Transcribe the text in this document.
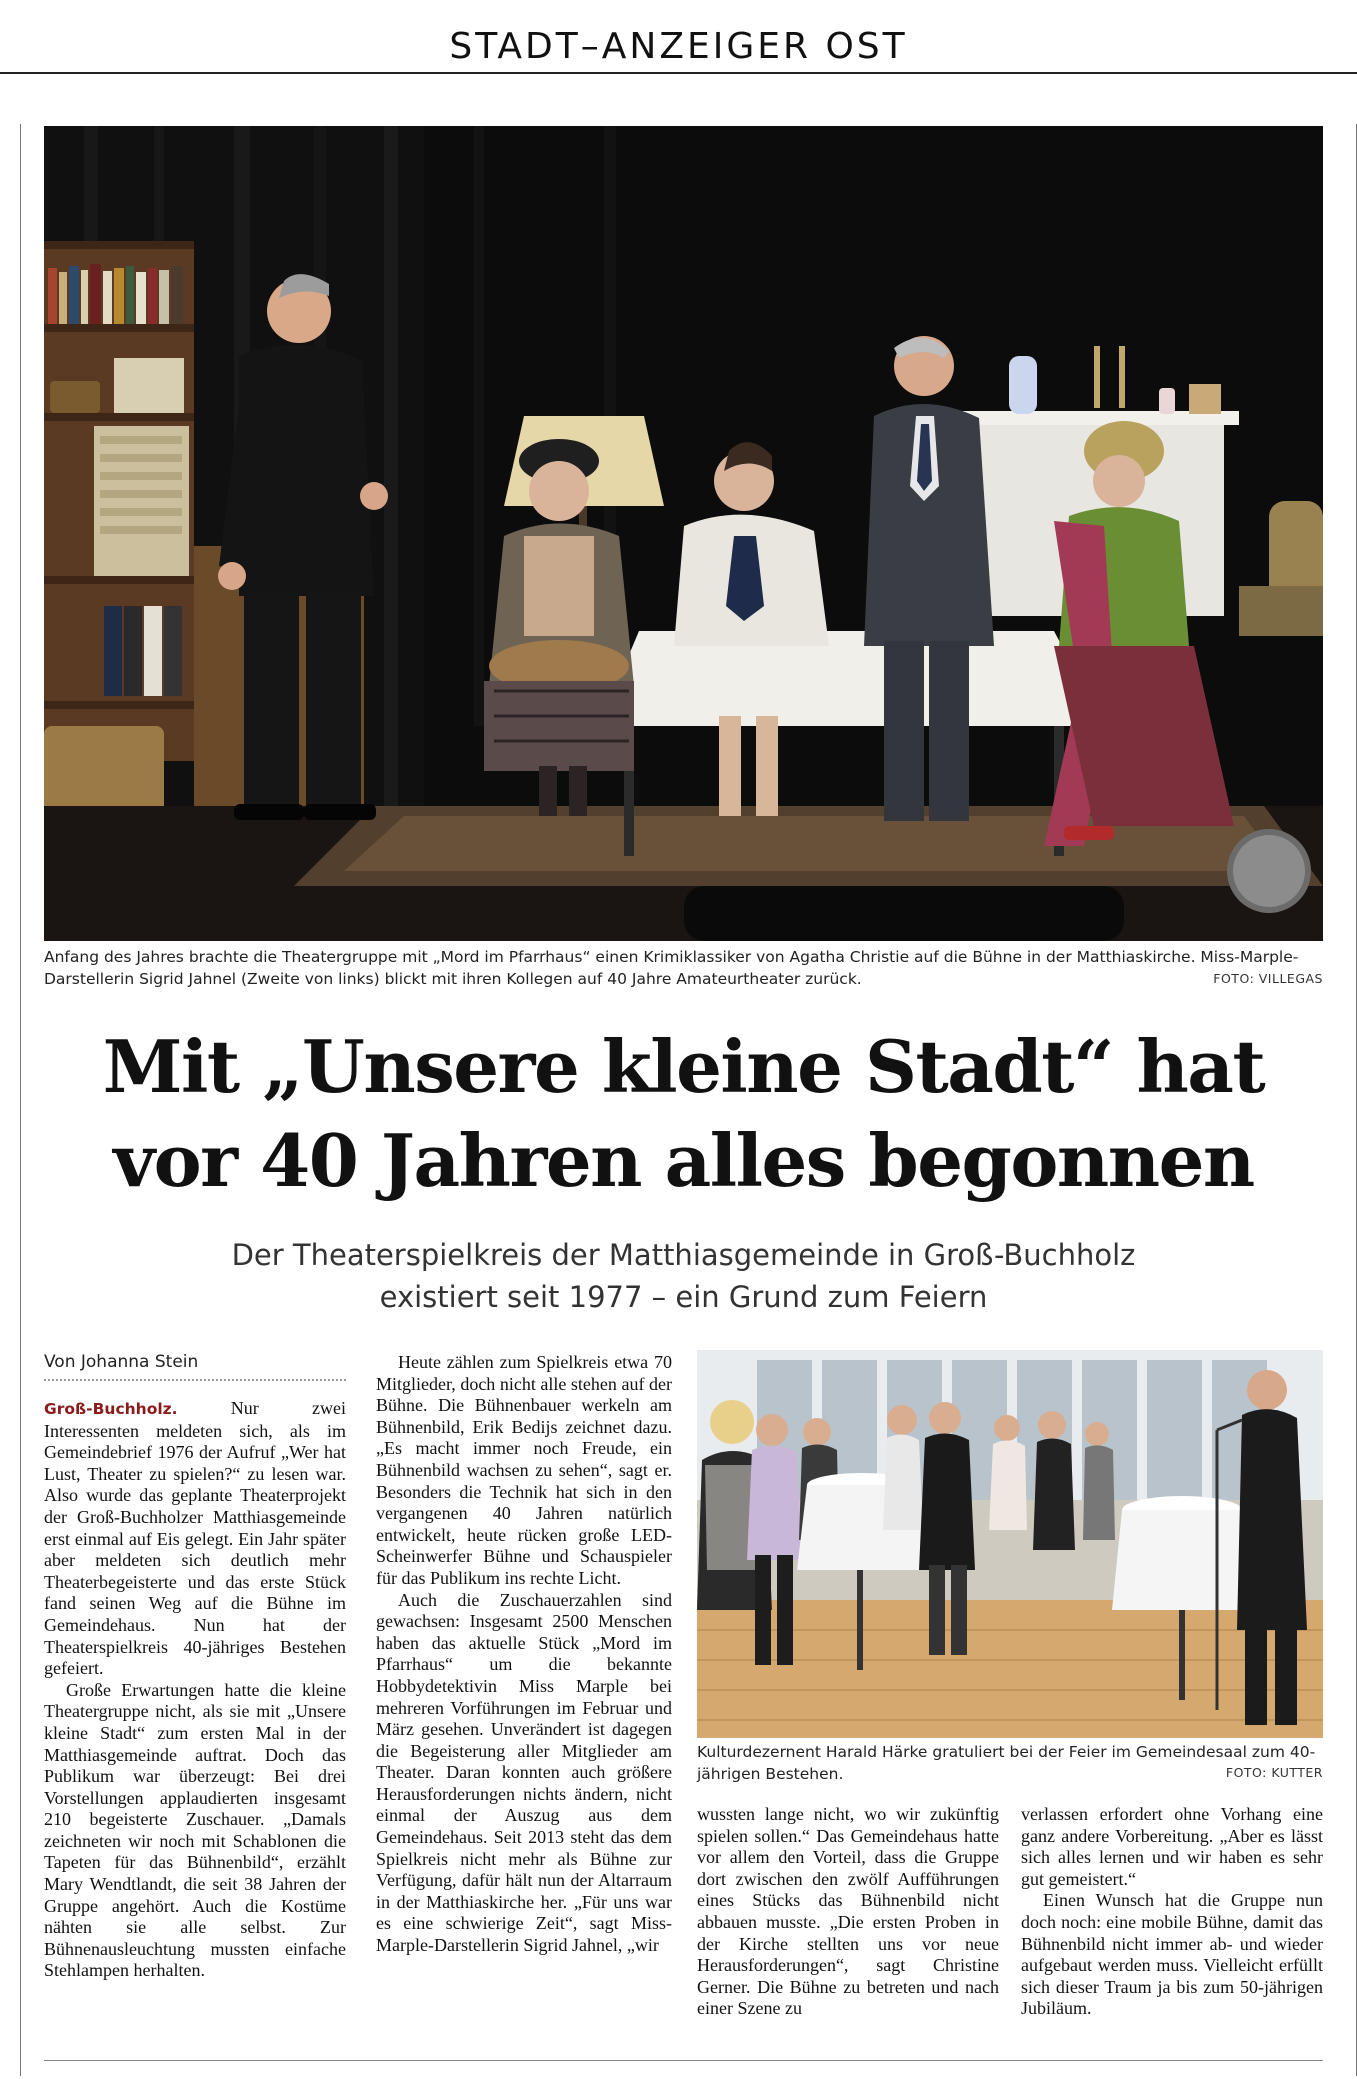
STADT–ANZEIGER OST
Anfang des Jahres brachte die Theatergruppe mit „Mord im Pfarrhaus“ einen Krimiklassiker von Agatha Christie auf die Bühne in der Matthiaskirche. Miss-Marple-Darstellerin Sigrid Jahnel (Zweite von links) blickt mit ihren Kollegen auf 40 Jahre Amateurtheater zurück.	FOTO: VILLEGAS
Mit „Unsere kleine Stadt“ hat vor 40 Jahren alles begonnen
Der Theaterspielkreis der Matthiasgemeinde in Groß-Buchholz
existiert seit 1977 – ein Grund zum Feiern
Von Johanna Stein

Groß-Buchholz. Nur zwei Interessenten meldeten sich, als im Gemeindebrief 1976 der Aufruf „Wer hat Lust, Theater zu spielen?“ zu lesen war. Also wurde das geplante Theaterprojekt der Groß-Buchholzer Matthiasgemeinde erst einmal auf Eis gelegt. Ein Jahr später aber meldeten sich deutlich mehr Theaterbegeisterte und das erste Stück fand seinen Weg auf die Bühne im Gemeindehaus. Nun hat der Theaterspielkreis 40-jähriges Bestehen gefeiert.

Große Erwartungen hatte die kleine Theatergruppe nicht, als sie mit „Unsere kleine Stadt“ zum ersten Mal in der Matthiasgemeinde auftrat. Doch das Publikum war überzeugt: Bei drei Vorstellungen applaudierten insgesamt 210 begeisterte Zuschauer. „Damals zeichneten wir noch mit Schablonen die Tapeten für das Bühnenbild“, erzählt Mary Wendtlandt, die seit 38 Jahren der Gruppe angehört. Auch die Kostüme nähten sie alle selbst. Zur Bühnenausleuchtung mussten einfache Stehlampen herhalten.

Heute zählen zum Spielkreis etwa 70 Mitglieder, doch nicht alle stehen auf der Bühne. Die Bühnenbauer werkeln am Bühnenbild, Erik Bedijs zeichnet dazu. „Es macht immer noch Freude, ein Bühnenbild wachsen zu sehen“, sagt er. Besonders die Technik hat sich in den vergangenen 40 Jahren natürlich entwickelt, heute rücken große LED-Scheinwerfer Bühne und Schauspieler für das Publikum ins rechte Licht.

Auch die Zuschauerzahlen sind gewachsen: Insgesamt 2500 Menschen haben das aktuelle Stück „Mord im Pfarrhaus“ um die bekannte Hobbydetektivin Miss Marple bei mehreren Vorführungen im Februar und März gesehen. Unverändert ist dagegen die Begeisterung aller Mitglieder am Theater. Daran konnten auch größere Herausforderungen nichts ändern, nicht einmal der Auszug aus dem Gemeindehaus. Seit 2013 steht das dem Spielkreis nicht mehr als Bühne zur Verfügung, dafür hält nun der Altarraum in der Matthiaskirche her. „Für uns war es eine schwierige Zeit“, sagt Miss-Marple-Darstellerin Sigrid Jahnel, „wir

Kulturdezernent Harald Härke gratuliert bei der Feier im Gemeindesaal zum 40-jährigen Bestehen.	FOTO: KUTTER

wussten lange nicht, wo wir zukünftig spielen sollen.“ Das Gemeindehaus hatte vor allem den Vorteil, dass die Gruppe dort zwischen den zwölf Aufführungen eines Stücks das Bühnenbild nicht abbauen musste. „Die ersten Proben in der Kirche stellten uns vor neue Herausforderungen“, sagt Christine Gerner. Die Bühne zu betreten und nach einer Szene zu

verlassen erfordert ohne Vorhang eine ganz andere Vorbereitung. „Aber es lässt sich alles lernen und wir haben es sehr gut gemeistert.“

Einen Wunsch hat die Gruppe nun doch noch: eine mobile Bühne, damit das Bühnenbild nicht immer ab- und wieder aufgebaut werden muss. Vielleicht erfüllt sich dieser Traum ja bis zum 50-jährigen Jubiläum.
